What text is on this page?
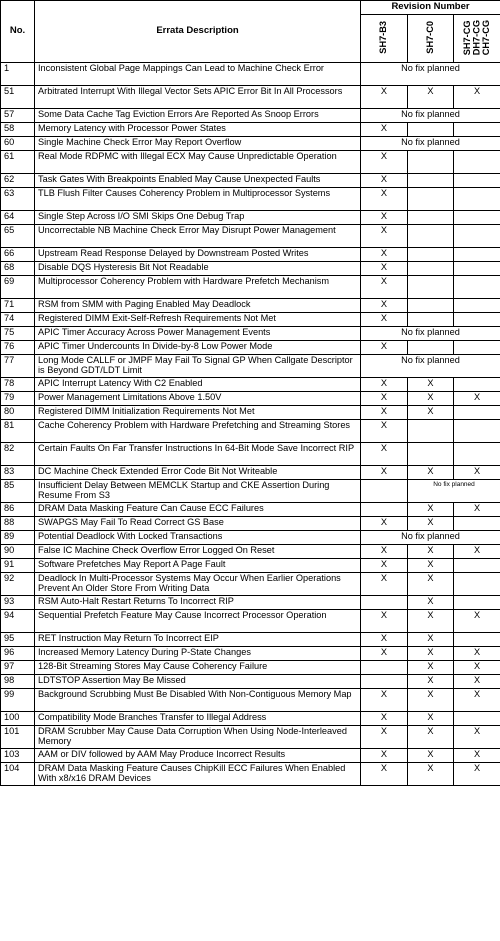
No.	Errata Description	Revision Number		
		SH7-B3	SH7-C0	SH7-CG
DH7-CG
CH7-CG
1	Inconsistent Global Page Mappings Can Lead to Machine Check Error	No fix planned		
51	Arbitrated Interrupt With Illegal Vector Sets APIC Error Bit In All Processors	X	X	X
57	Some Data Cache Tag Eviction Errors Are Reported As Snoop Errors	No fix planned		
58	Memory Latency with Processor Power States	X		
60	Single Machine Check Error May Report Overflow	No fix planned		
61	Real Mode RDPMC with Illegal ECX May Cause Unpredictable Operation	X		
62	Task Gates With Breakpoints Enabled May Cause Unexpected Faults	X		
63	TLB Flush Filter Causes Coherency Problem in Multiprocessor Systems	X		
64	Single Step Across I/O SMI Skips One Debug Trap	X		
65	Uncorrectable NB Machine Check Error May Disrupt Power Management	X		
66	Upstream Read Response Delayed by Downstream Posted Writes	X		
68	Disable DQS Hysteresis Bit Not Readable	X		
69	Multiprocessor Coherency Problem with Hardware Prefetch Mechanism	X		
71	RSM from SMM with Paging Enabled May Deadlock	X		
74	Registered DIMM Exit-Self-Refresh Requirements Not Met	X		
75	APIC Timer Accuracy Across Power Management Events	No fix planned		
76	APIC Timer Undercounts In Divide-by-8 Low Power Mode	X		
77	Long Mode CALLF or JMPF May Fail To Signal GP When Callgate Descriptor is Beyond GDT/LDT Limit	No fix planned		
78	APIC Interrupt Latency With C2 Enabled	X	X	
79	Power Management Limitations Above 1.50V	X	X	X
80	Registered DIMM Initialization Requirements Not Met	X	X	
81	Cache Coherency Problem with Hardware Prefetching and Streaming Stores	X		
82	Certain Faults On Far Transfer Instructions In 64-Bit Mode Save Incorrect RIP	X		
83	DC Machine Check Extended Error Code Bit Not Writeable	X	X	X
85	Insufficient Delay Between MEMCLK Startup and CKE Assertion During Resume From S3		No fix planned	
86	DRAM Data Masking Feature Can Cause ECC Failures		X	X
88	SWAPGS May Fail To Read Correct GS Base	X	X	
89	Potential Deadlock With Locked Transactions	No fix planned		
90	False IC Machine Check Overflow Error Logged On Reset	X	X	X
91	Software Prefetches May Report A Page Fault	X	X	
92	Deadlock In Multi-Processor Systems May Occur When Earlier Operations Prevent An Older Store From Writing Data	X	X	
93	RSM Auto-Halt Restart Returns To Incorrect RIP		X	
94	Sequential Prefetch Feature May Cause Incorrect Processor Operation	X	X	X
95	RET Instruction May Return To Incorrect EIP	X	X	
96	Increased Memory Latency During P-State Changes	X	X	X
97	128-Bit Streaming Stores May Cause Coherency Failure		X	X
98	LDTSTOP Assertion May Be Missed		X	X
99	Background Scrubbing Must Be Disabled With Non-Contiguous Memory Map	X	X	X
100	Compatibility Mode Branches Transfer to Illegal Address	X	X	
101	DRAM Scrubber May Cause Data Corruption When Using Node-Interleaved Memory	X	X	X
103	AAM or DIV followed by AAM May Produce Incorrect Results	X	X	X
104	DRAM Data Masking Feature Causes ChipKill ECC Failures When Enabled With x8/x16 DRAM Devices	X	X	X
